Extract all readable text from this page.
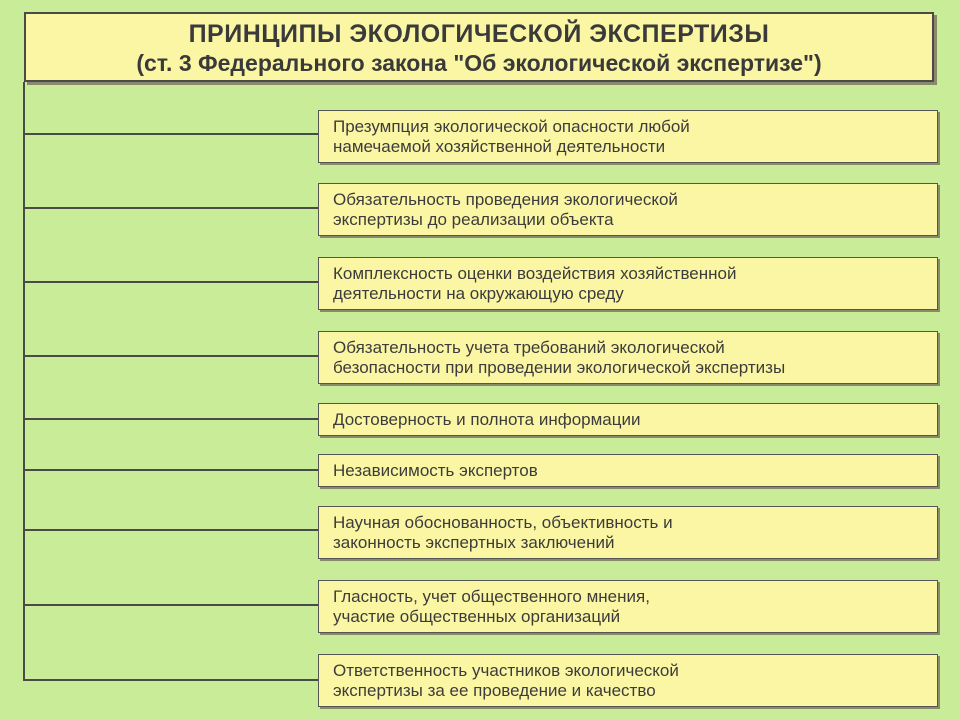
ПРИНЦИПЫ ЭКОЛОГИЧЕСКОЙ ЭКСПЕРТИЗЫ
(ст. 3 Федерального закона "Об экологической экспертизе")
Презумпция экологической опасности любой
намечаемой хозяйственной деятельности
Обязательность проведения экологической
экспертизы до реализации объекта
Комплексность оценки воздействия хозяйственной
деятельности на окружающую среду
Обязательность учета требований экологической
безопасности при проведении экологической экспертизы
Достоверность и полнота информации
Независимость экспертов
Научная обоснованность, объективность и
законность экспертных заключений
Гласность, учет общественного мнения,
участие общественных организаций
Ответственность участников экологической
экспертизы за ее проведение и качество
